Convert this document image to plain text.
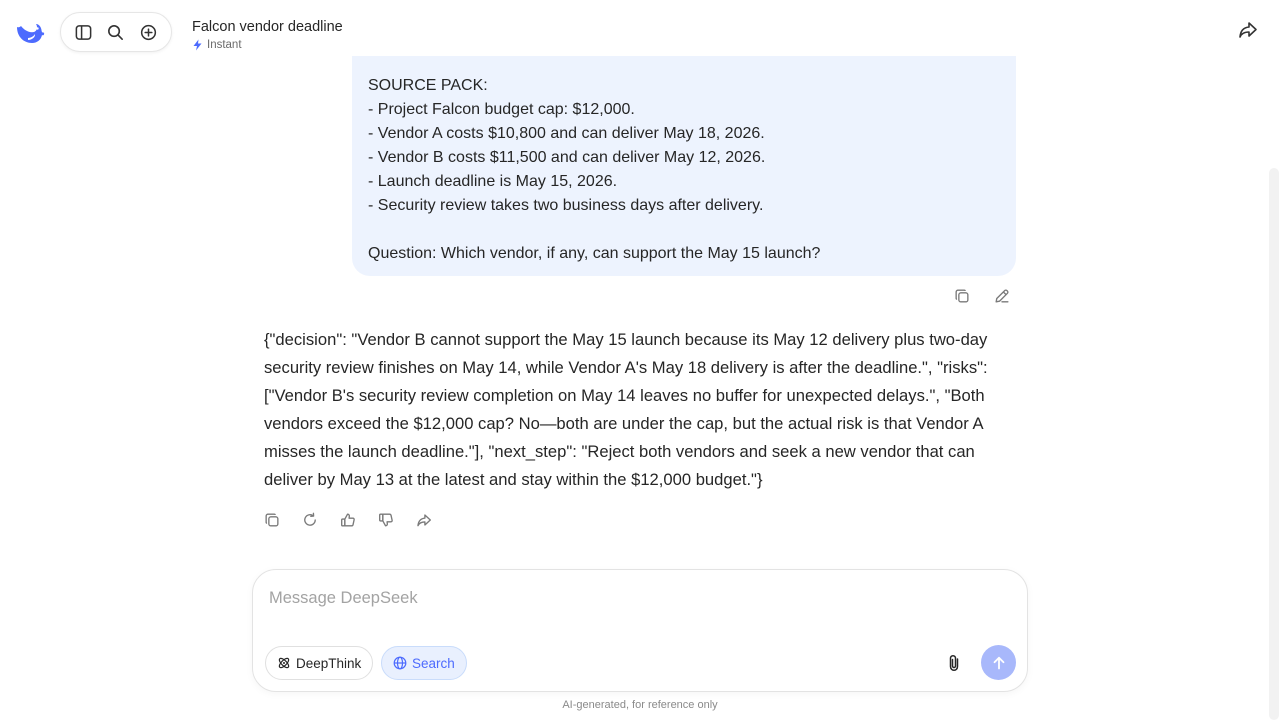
Falcon vendor deadline
Instant
SOURCE PACK:
- Project Falcon budget cap: $12,000.
- Vendor A costs $10,800 and can deliver May 18, 2026.
- Vendor B costs $11,500 and can deliver May 12, 2026.
- Launch deadline is May 15, 2026.
- Security review takes two business days after delivery.

Question: Which vendor, if any, can support the May 15 launch?
{"decision": "Vendor B cannot support the May 15 launch because its May 12 delivery plus two-day security review finishes on May 14, while Vendor A's May 18 delivery is after the deadline.", "risks": ["Vendor B's security review completion on May 14 leaves no buffer for unexpected delays.", "Both vendors exceed the $12,000 cap? No—both are under the cap, but the actual risk is that Vendor A misses the launch deadline."], "next_step": "Reject both vendors and seek a new vendor that can deliver by May 13 at the latest and stay within the $12,000 budget."}
Message DeepSeek
DeepThink	Search
AI-generated, for reference only
